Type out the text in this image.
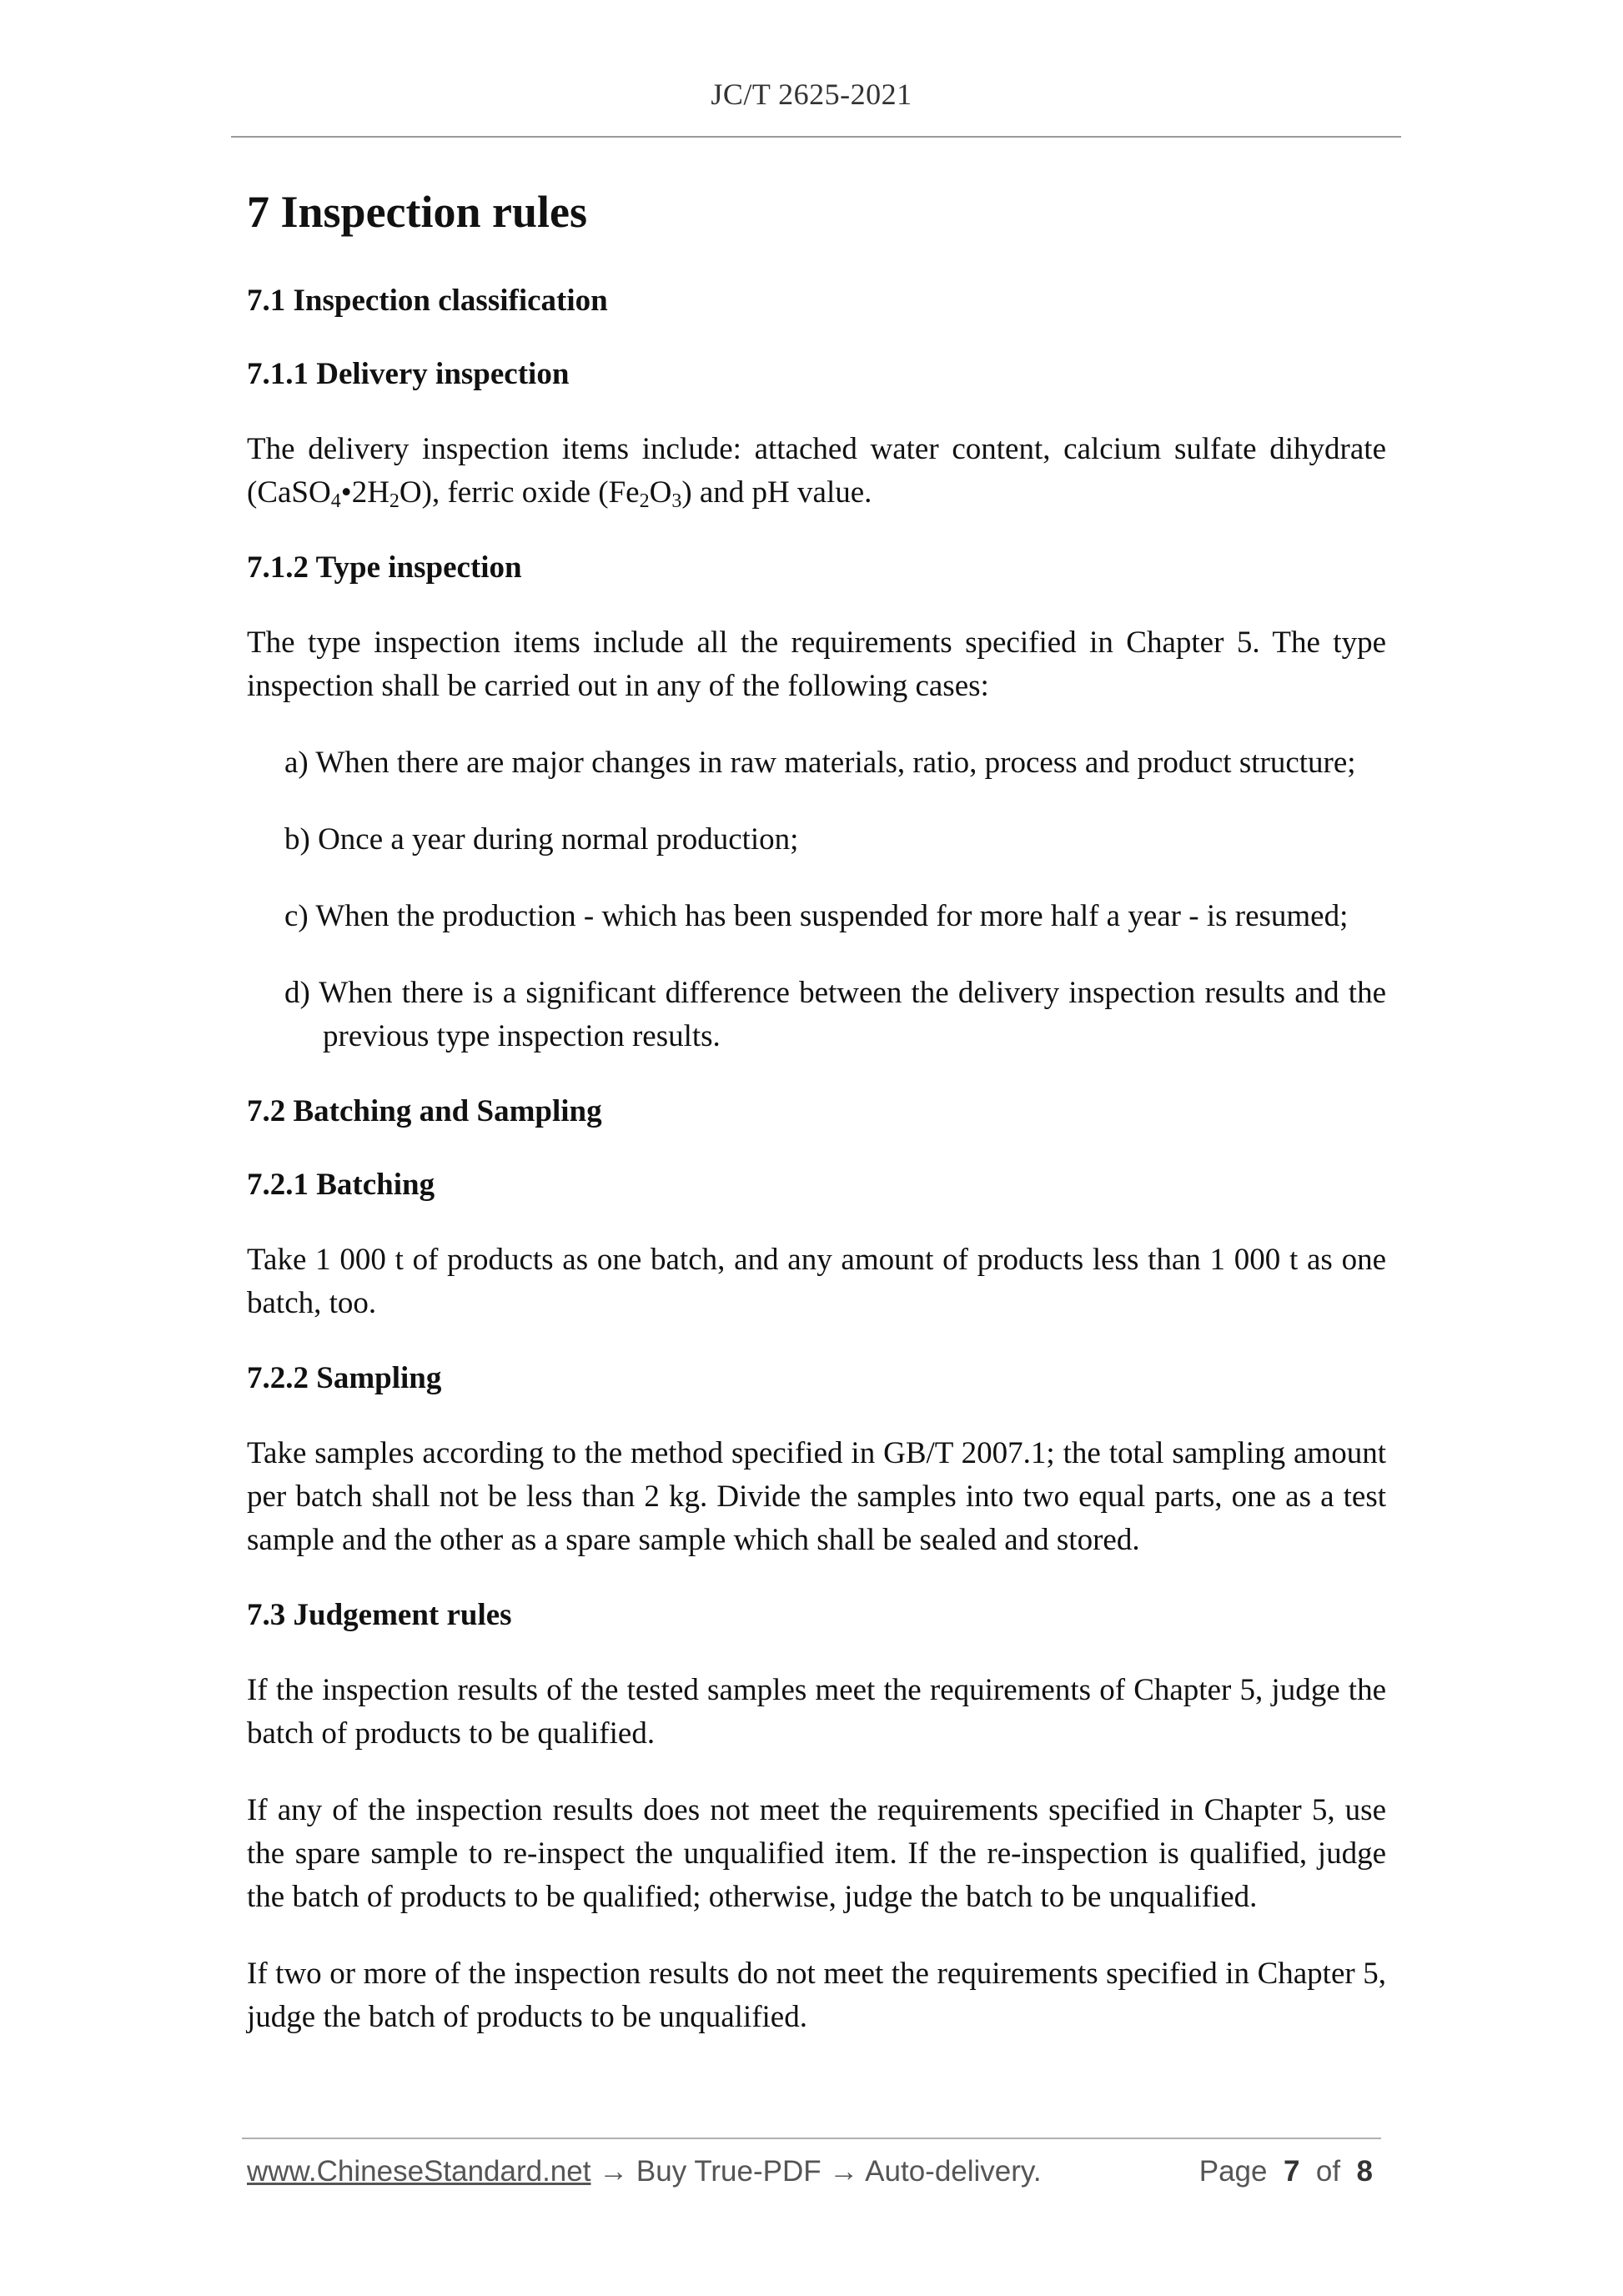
JC/T 2625-2021
7 Inspection rules
7.1 Inspection classification
7.1.1 Delivery inspection

The delivery inspection items include: attached water content, calcium sulfate dihydrate $(CaSO_4•2H_2O)$, ferric oxide $(Fe_2O_3)$ and pH value.

7.1.2 Type inspection

The type inspection items include all the requirements specified in Chapter 5. The type inspection shall be carried out in any of the following cases:

a) When there are major changes in raw materials, ratio, process and product structure;
b) Once a year during normal production;
c) When the production - which has been suspended for more half a year - is resumed;
d) When there is a significant difference between the delivery inspection results and the previous type inspection results.
7.2 Batching and Sampling
7.2.1 Batching

Take 1 000 t of products as one batch, and any amount of products less than 1 000 t as one batch, too.

7.2.2 Sampling

Take samples according to the method specified in GB/T 2007.1; the total sampling amount per batch shall not be less than 2 kg. Divide the samples into two equal parts, one as a test sample and the other as a spare sample which shall be sealed and stored.

7.3 Judgement rules

If the inspection results of the tested samples meet the requirements of Chapter 5, judge the batch of products to be qualified.

If any of the inspection results does not meet the requirements specified in Chapter 5, use the spare sample to re-inspect the unqualified item. If the re-inspection is qualified, judge the batch of products to be qualified; otherwise, judge the batch to be unqualified.

If two or more of the inspection results do not meet the requirements specified in Chapter 5, judge the batch of products to be unqualified.

www.ChineseStandard.net → Buy True-PDF → Auto-delivery.	Page 7 of 8
